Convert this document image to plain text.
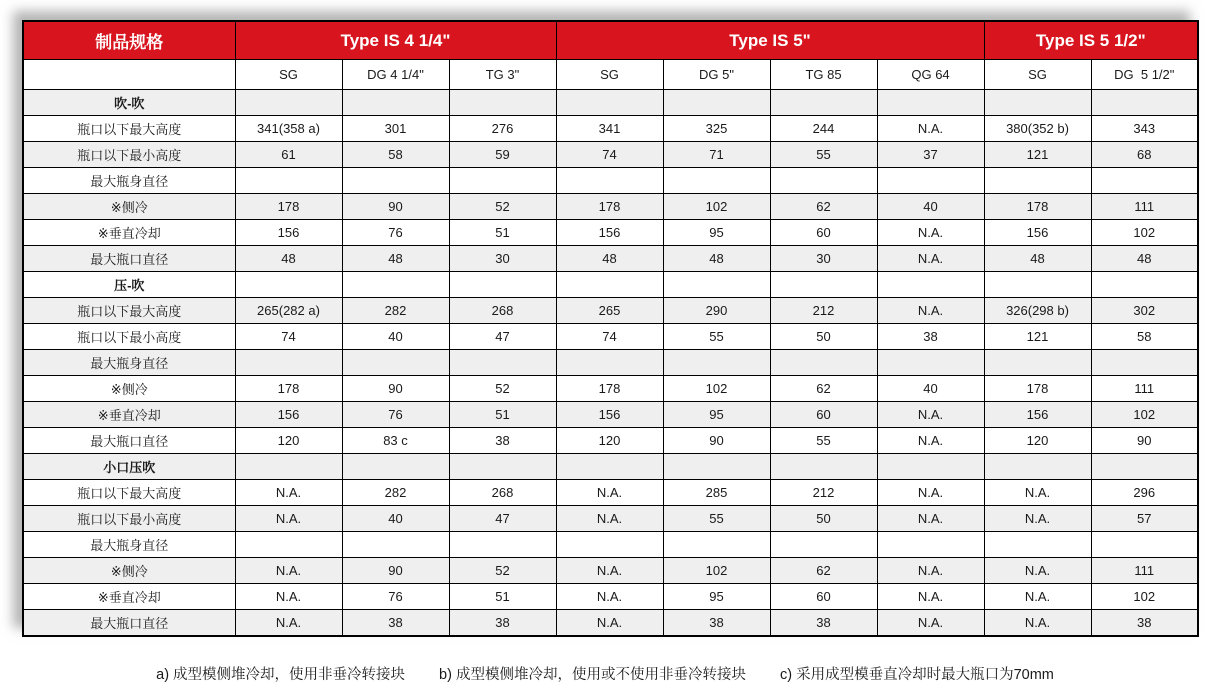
制品规格	Type IS 4 1/4"			Type IS 5"				Type IS 5 1/2"	
	SG	DG 4 1/4"	TG 3"	SG	DG 5"	TG 85	QG 64	SG	DG  5 1/2"
吹-吹									
瓶口以下最大高度	341(358 a)	301	276	341	325	244	N.A.	380(352 b)	343
瓶口以下最小高度	61	58	59	74	71	55	37	121	68
最大瓶身直径									
※侧冷	178	90	52	178	102	62	40	178	111
※垂直冷却	156	76	51	156	95	60	N.A.	156	102
最大瓶口直径	48	48	30	48	48	30	N.A.	48	48
压-吹									
瓶口以下最大高度	265(282 a)	282	268	265	290	212	N.A.	326(298 b)	302
瓶口以下最小高度	74	40	47	74	55	50	38	121	58
最大瓶身直径									
※侧冷	178	90	52	178	102	62	40	178	111
※垂直冷却	156	76	51	156	95	60	N.A.	156	102
最大瓶口直径	120	83 c	38	120	90	55	N.A.	120	90
小口压吹									
瓶口以下最大高度	N.A.	282	268	N.A.	285	212	N.A.	N.A.	296
瓶口以下最小高度	N.A.	40	47	N.A.	55	50	N.A.	N.A.	57
最大瓶身直径									
※侧冷	N.A.	90	52	N.A.	102	62	N.A.	N.A.	111
※垂直冷却	N.A.	76	51	N.A.	95	60	N.A.	N.A.	102
最大瓶口直径	N.A.	38	38	N.A.	38	38	N.A.	N.A.	38
a) 成型模侧堆冷却，使用非垂冷转接块 b) 成型模侧堆冷却，使用或不使用非垂冷转接块 c) 采用成型模垂直冷却时最大瓶口为70mm
